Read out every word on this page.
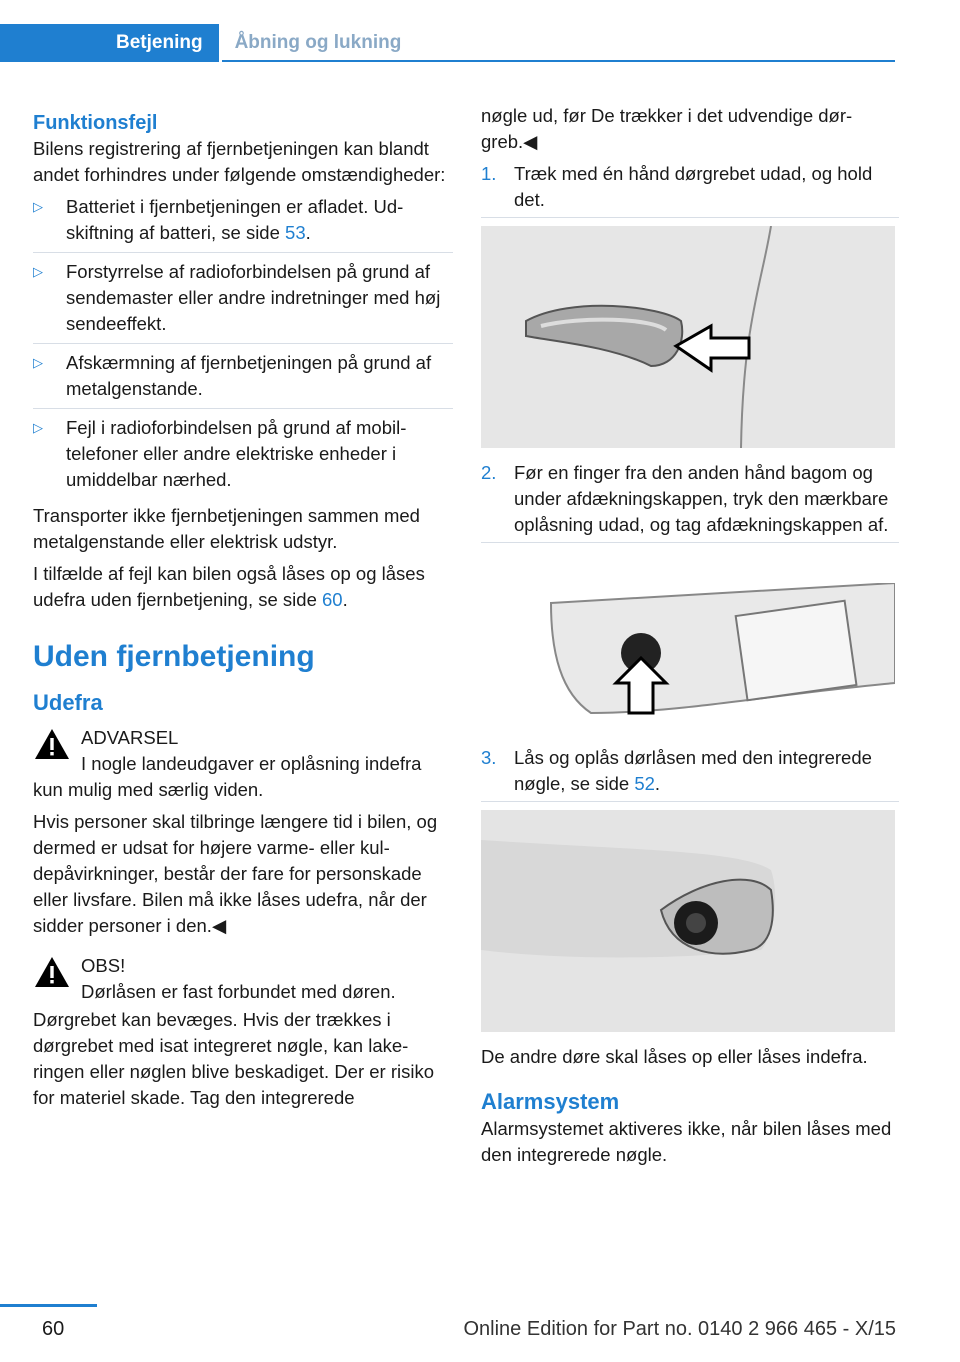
Betjening	Åbning og lukning
Funktionsfejl

Bilens registrering af fjernbetjeningen kan blandt andet forhindres under følgende omstændigheder:

▷ Batteriet i fjernbetjeningen er afladet. Udskiftning af batteri, se side 53.
▷ Forstyrrelse af radioforbindelsen på grund af sendemaster eller andre indretninger med høj sendeeffekt.
▷ Afskærmning af fjernbetjeningen på grund af metalgenstande.
▷ Fejl i radioforbindelsen på grund af mobiltelefoner eller andre elektriske enheder i umiddelbar nærhed.

Transporter ikke fjernbetjeningen sammen med metalgenstande eller elektrisk udstyr.

I tilfælde af fejl kan bilen også låses op og låses udefra uden fjernbetjening, se side 60.

Uden fjernbetjening
Udefra
ADVARSEL
I nogle landeudgaver er oplåsning indefra kun mulig med særlig viden.

Hvis personer skal tilbringe længere tid i bilen, og dermed er udsat for højere varme- eller kuldepåvirkninger, består der fare for personskade eller livsfare. Bilen må ikke låses udefra, når der sidder personer i den.◀

OBS!
Dørlåsen er fast forbundet med døren.

Dørgrebet kan bevæges. Hvis der trækkes i dørgrebet med isat integreret nøgle, kan lakeringen eller nøglen blive beskadiget. Der er risiko for materiel skade. Tag den integrerede

nøgle ud, før De trækker i det udvendige dørgreb.◀

1. Træk med én hånd dørgrebet udad, og hold det.
2. Før en finger fra den anden hånd bagom og under afdækningskappen, tryk den mærkbare oplåsning udad, og tag afdækningskappen af.
3. Lås og oplås dørlåsen med den integrerede nøgle, se side 52.

De andre døre skal låses op eller låses indefra.

Alarmsystem

Alarmsystemet aktiveres ikke, når bilen låses med den integrerede nøgle.

60	Online Edition for Part no. 0140 2 966 465 - X/15
